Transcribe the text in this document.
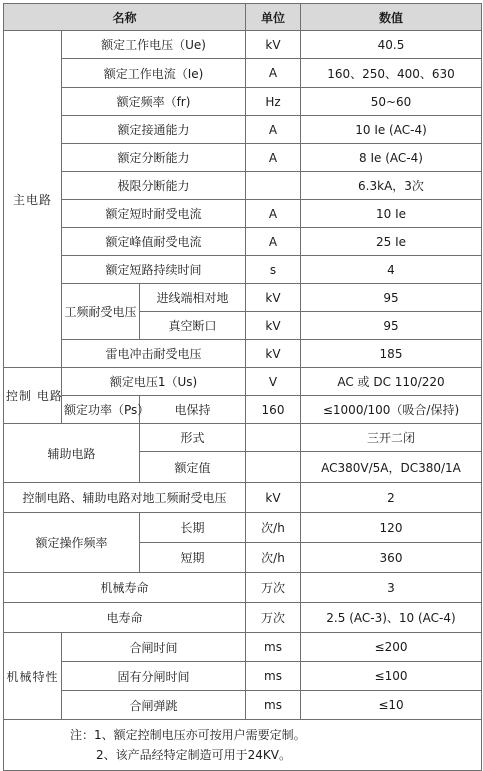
名称			单位	数值
主电路	额定工作电压（Ue)		kV	40.5
	额定工作电流（Ie)		A	160、250、400、630
	额定频率（fr)		Hz	50~60
	额定接通能力		A	10 Ie (AC-4)
	额定分断能力		A	8 Ie (AC-4)
	极限分断能力			6.3kA，3次
	额定短时耐受电流		A	10 Ie
	额定峰值耐受电流		A	25 Ie
	额定短路持续时间		s	4
	工频耐受电压	进线端相对地	kV	95
		真空断口	kV	95
	雷电冲击耐受电压		kV	185
控制 电路	额定电压1（Us)		V	AC 或 DC 110/220
	额定功率（Ps）	电保持	160	≤1000/100（吸合/保持)
辅助电路		形式		三开二闭
		额定值		AC380V/5A，DC380/1A
控制电路、辅助电路对地工频耐受电压			kV	2
额定操作频率		长期	次/h	120
		短期	次/h	360
机械寿命			万次	3
电寿命			万次	2.5 (AC-3)、10 (AC-4)
机械特性	合闸时间		ms	≤200
	固有分闸时间		ms	≤100
	合闸弹跳		ms	≤10

注：1、额定控制电压亦可按用户需要定制。
2、该产品经特定制造可用于24KV。				
